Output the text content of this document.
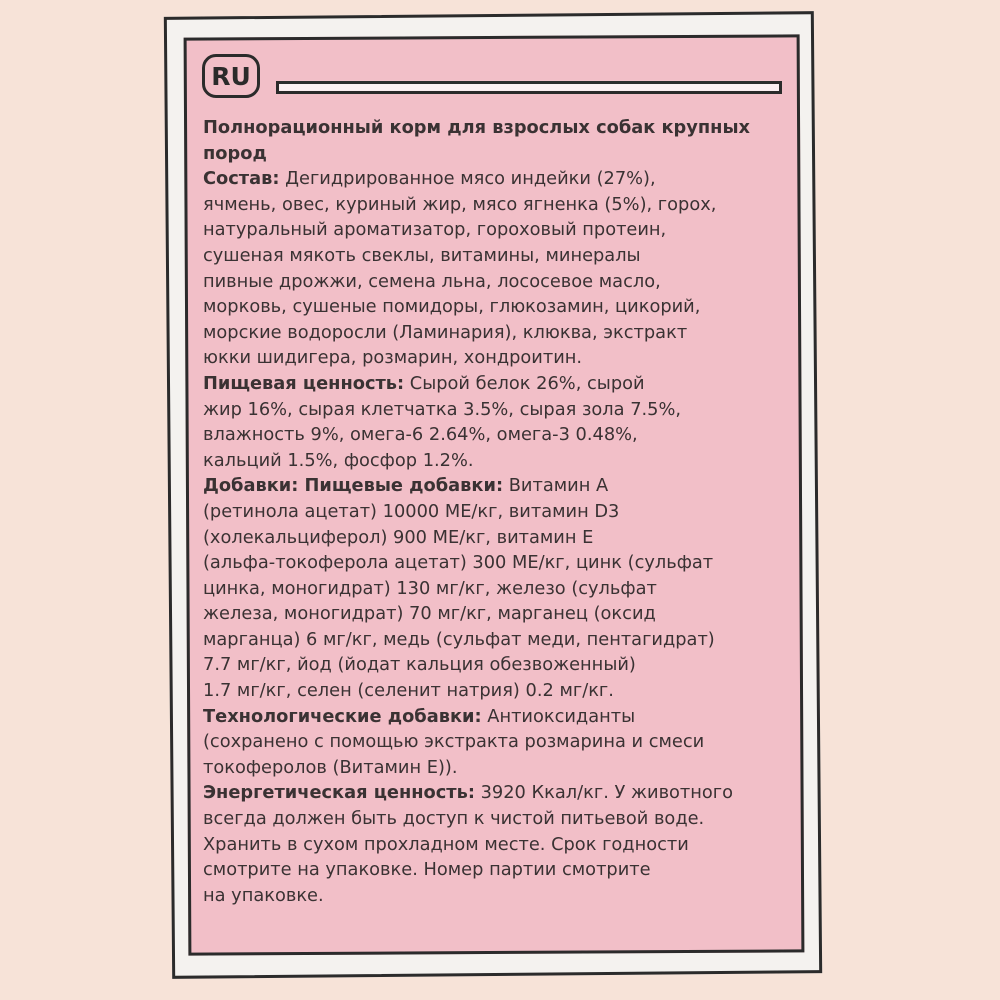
RU
Полнорационный корм для взрослых собак крупных
пород
Состав: Дегидрированное мясо индейки (27%),
ячмень, овес, куриный жир, мясо ягненка (5%), горох,
натуральный ароматизатор, гороховый протеин,
сушеная мякоть свеклы, витамины, минералы
пивные дрожжи, семена льна, лососевое масло,
морковь, сушеные помидоры, глюкозамин, цикорий,
морские водоросли (Ламинария), клюква, экстракт
юкки шидигера, розмарин, хондроитин.
Пищевая ценность: Сырой белок 26%, сырой
жир 16%, сырая клетчатка 3.5%, сырая зола 7.5%,
влажность 9%, омега-6 2.64%, омега-3 0.48%,
кальций 1.5%, фосфор 1.2%.
Добавки: Пищевые добавки: Витамин А
(ретинола ацетат) 10000 МЕ/кг, витамин D3
(холекальциферол) 900 МЕ/кг, витамин Е
(альфа-токоферола ацетат) 300 МЕ/кг, цинк (сульфат
цинка, моногидрат) 130 мг/кг, железо (сульфат
железа, моногидрат) 70 мг/кг, марганец (оксид
марганца) 6 мг/кг, медь (сульфат меди, пентагидрат)
7.7 мг/кг, йод (йодат кальция обезвоженный)
1.7 мг/кг, селен (селенит натрия) 0.2 мг/кг.
Технологические добавки: Антиоксиданты
(сохранено с помощью экстракта розмарина и смеси
токоферолов (Витамин Е)).
Энергетическая ценность: 3920 Ккал/кг. У животного
всегда должен быть доступ к чистой питьевой воде.
Хранить в сухом прохладном месте. Срок годности
смотрите на упаковке. Номер партии смотрите
на упаковке.
